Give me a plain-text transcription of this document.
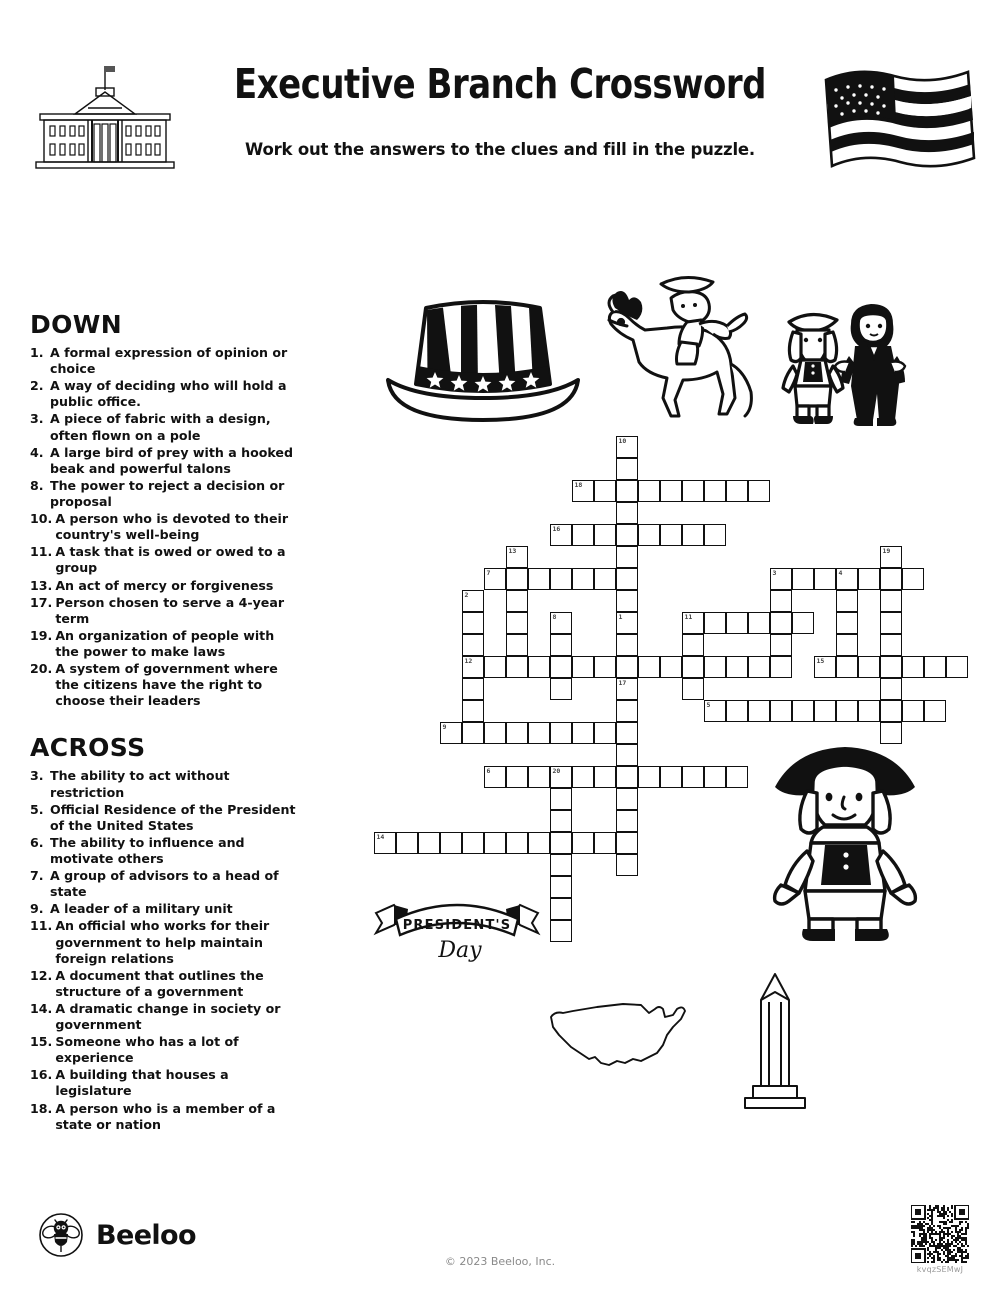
Executive Branch Crossword
Work out the answers to the clues and fill in the puzzle.
DOWN
1. A formal expression of opinion or choice
2. A way of deciding who will hold a public office.
3. A piece of fabric with a design, often flown on a pole
4. A large bird of prey with a hooked beak and powerful talons
8. The power to reject a decision or proposal
10. A person who is devoted to their country's well-being
11. A task that is owed or owed to a group
13. An act of mercy or forgiveness
17. Person chosen to serve a 4-year term
19. An organization of people with the power to make laws
20. A system of government where the citizens have the right to choose their leaders
ACROSS
3. The ability to act without restriction
5. Official Residence of the President of the United States
6. The ability to influence and motivate others
7. A group of advisors to a head of state
9. A leader of a military unit
11. An official who works for their government to help maintain foreign relations
12. A document that outlines the structure of a government
14. A dramatic change in society or government
15. Someone who has a lot of experience
16. A building that houses a legislature
18. A person who is a member of a state or nation
PRESIDENT'S
Day
10
18
16
13	19
7	3	4
2
8	1	11
12	15
17
5
9
6	20
14
Beeloo
© 2023 Beeloo, Inc.
kvqzSEMwJ
